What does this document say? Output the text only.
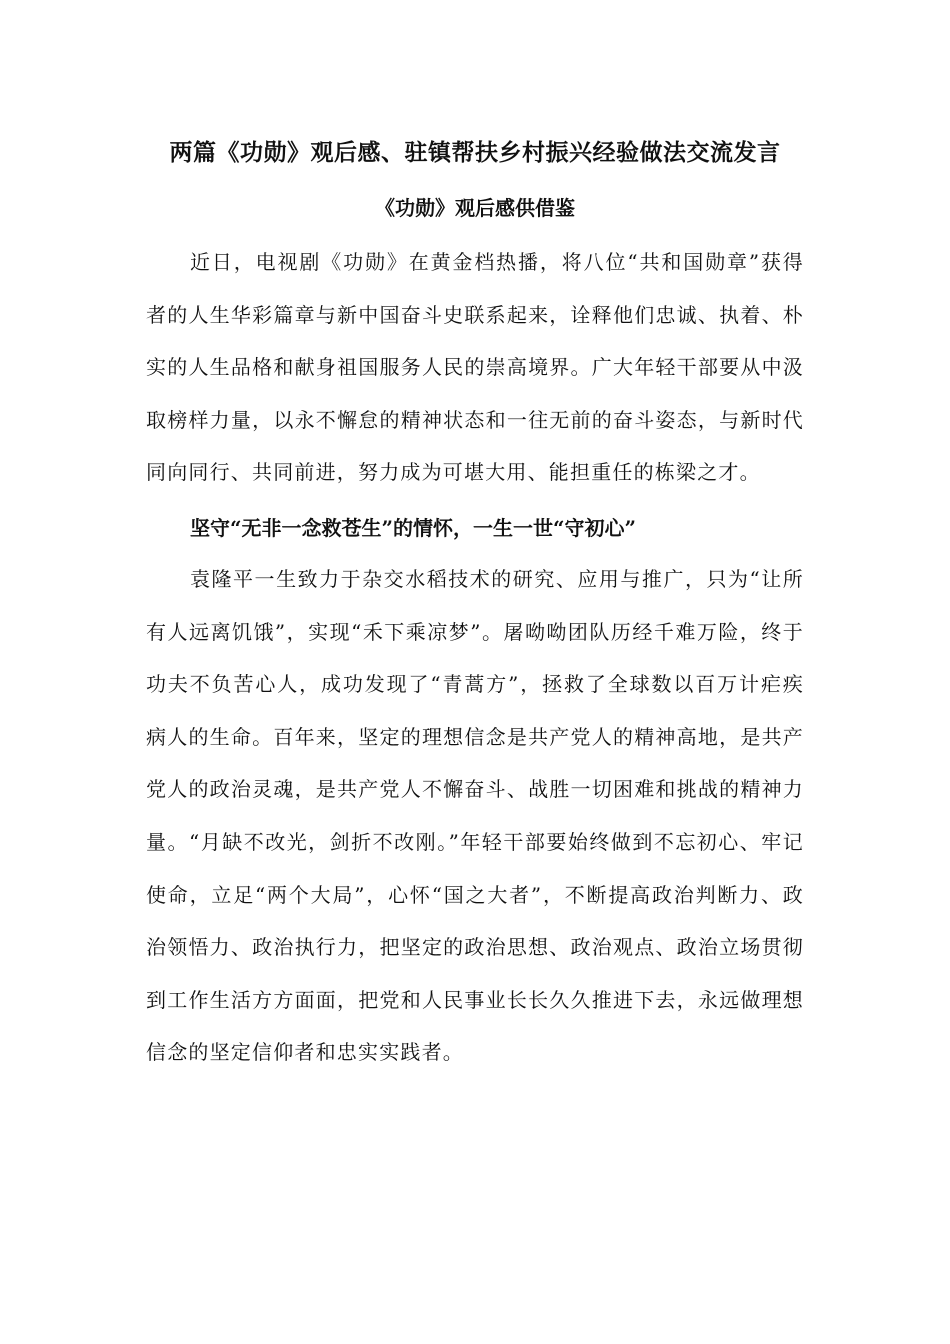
两篇《功勋》观后感、驻镇帮扶乡村振兴经验做法交流发言
《功勋》观后感供借鉴

近日，电视剧《功勋》在黄金档热播，将八位“共和国勋章”获得者的人生华彩篇章与新中国奋斗史联系起来，诠释他们忠诚、执着、朴实的人生品格和献身祖国服务人民的崇高境界。广大年轻干部要从中汲取榜样力量，以永不懈怠的精神状态和一往无前的奋斗姿态，与新时代同向同行、共同前进，努力成为可堪大用、能担重任的栋梁之才。

坚守“无非一念救苍生”的情怀，一生一世“守初心”

袁隆平一生致力于杂交水稻技术的研究、应用与推广，只为“让所有人远离饥饿”，实现“禾下乘凉梦”。屠呦呦团队历经千难万险，终于功夫不负苦心人，成功发现了“青蒿方”，拯救了全球数以百万计疟疾病人的生命。百年来，坚定的理想信念是共产党人的精神高地，是共产党人的政治灵魂，是共产党人不懈奋斗、战胜一切困难和挑战的精神力量。“月缺不改光，剑折不改刚。”年轻干部要始终做到不忘初心、牢记使命，立足“两个大局”，心怀“国之大者”，不断提高政治判断力、政治领悟力、政治执行力，把坚定的政治思想、政治观点、政治立场贯彻到工作生活方方面面，把党和人民事业长长久久推进下去，永远做理想信念的坚定信仰者和忠实实践者。
